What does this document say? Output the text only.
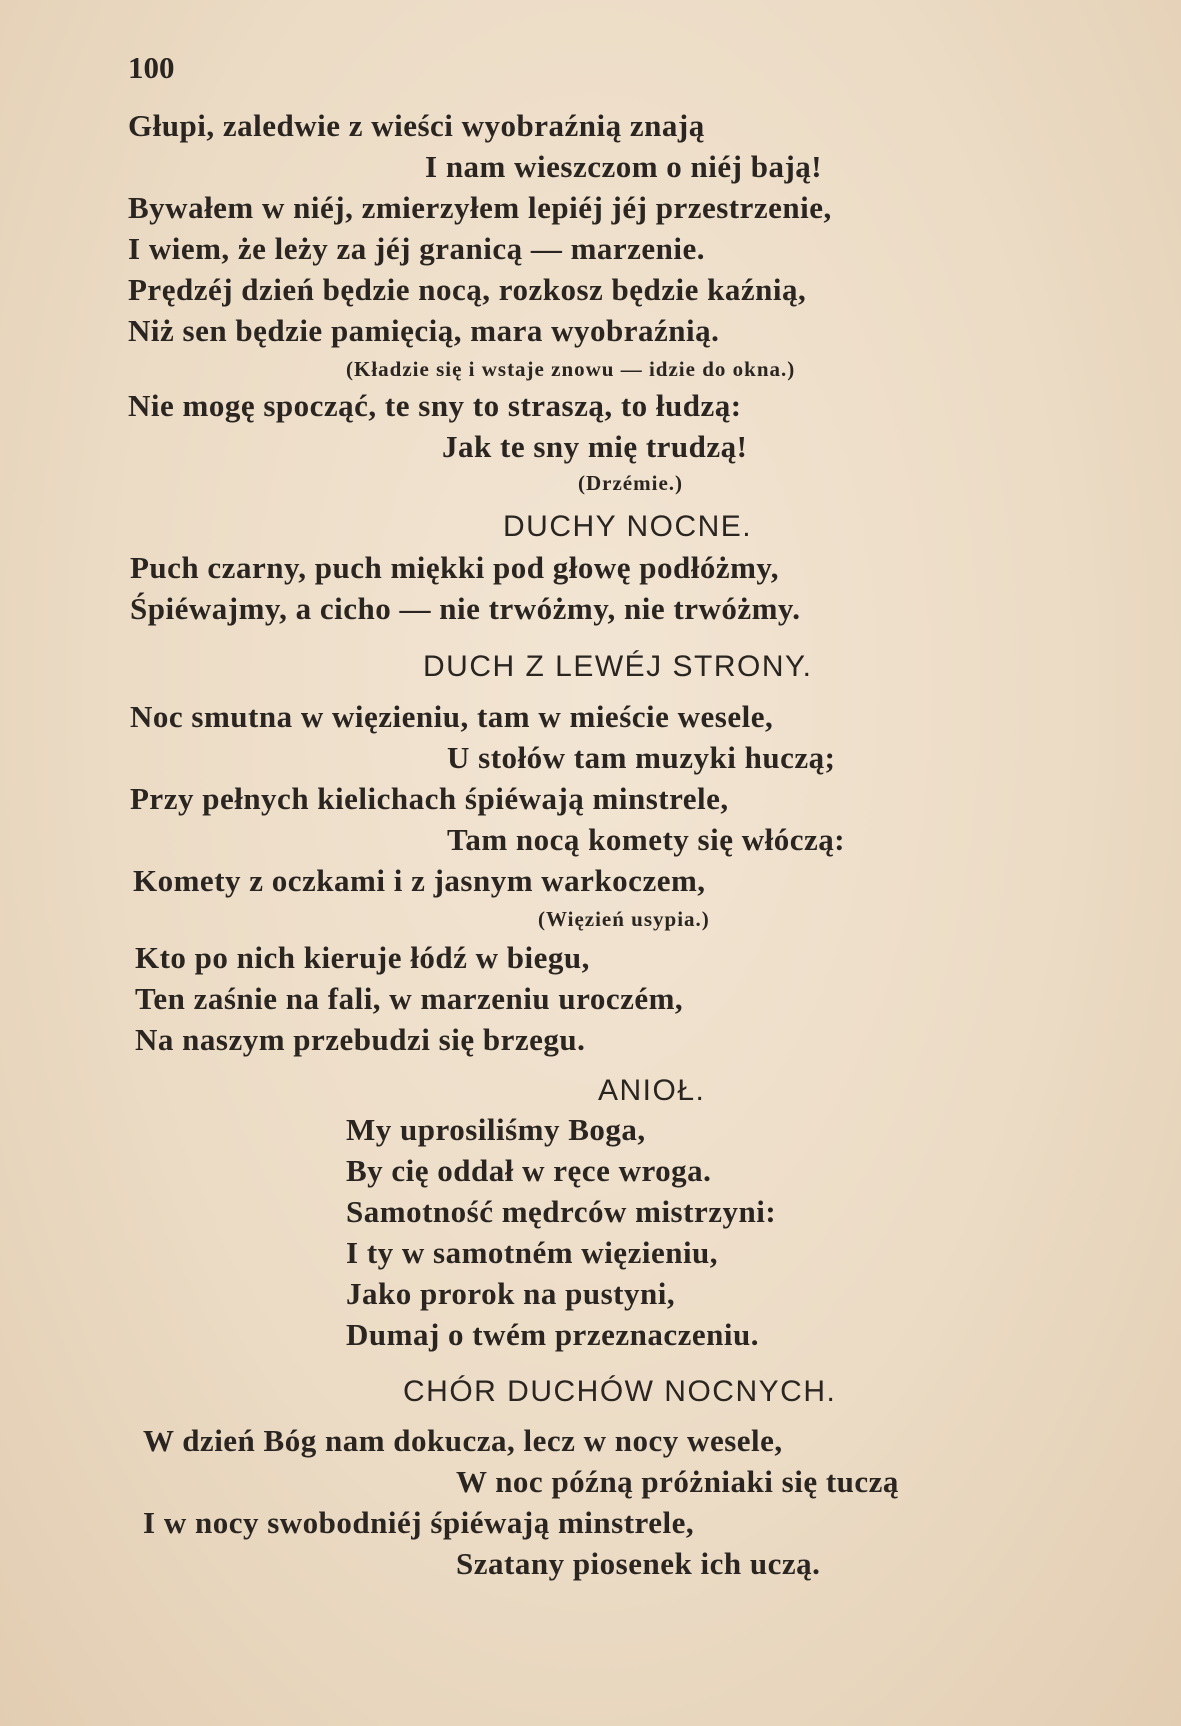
100
Głupi, zaledwie z wieści wyobraźnią znają
I nam wieszczom o niéj bają!
Bywałem w niéj, zmierzyłem lepiéj jéj przestrzenie,
I wiem, że leży za jéj granicą — marzenie.
Prędzéj dzień będzie nocą, rozkosz będzie kaźnią,
Niż sen będzie pamięcią, mara wyobraźnią.
(Kładzie się i wstaje znowu — idzie do okna.)
Nie mogę spocząć, te sny to straszą, to łudzą:
Jak te sny mię trudzą!
(Drzémie.)
DUCHY NOCNE.
Puch czarny, puch miękki pod głowę podłóżmy,
Śpiéwajmy, a cicho — nie trwóżmy, nie trwóżmy.
DUCH Z LEWÉJ STRONY.
Noc smutna w więzieniu, tam w mieście wesele,
U stołów tam muzyki huczą;
Przy pełnych kielichach śpiéwają minstrele,
Tam nocą komety się włóczą:
Komety z oczkami i z jasnym warkoczem,
(Więzień usypia.)
Kto po nich kieruje łódź w biegu,
Ten zaśnie na fali, w marzeniu uroczém,
Na naszym przebudzi się brzegu.
ANIOŁ.
My uprosiliśmy Boga,
By cię oddał w ręce wroga.
Samotność mędrców mistrzyni:
I ty w samotném więzieniu,
Jako prorok na pustyni,
Dumaj o twém przeznaczeniu.
CHÓR DUCHÓW NOCNYCH.
W dzień Bóg nam dokucza, lecz w nocy wesele,
W noc późną próżniaki się tuczą
I w nocy swobodniéj śpiéwają minstrele,
Szatany piosenek ich uczą.
